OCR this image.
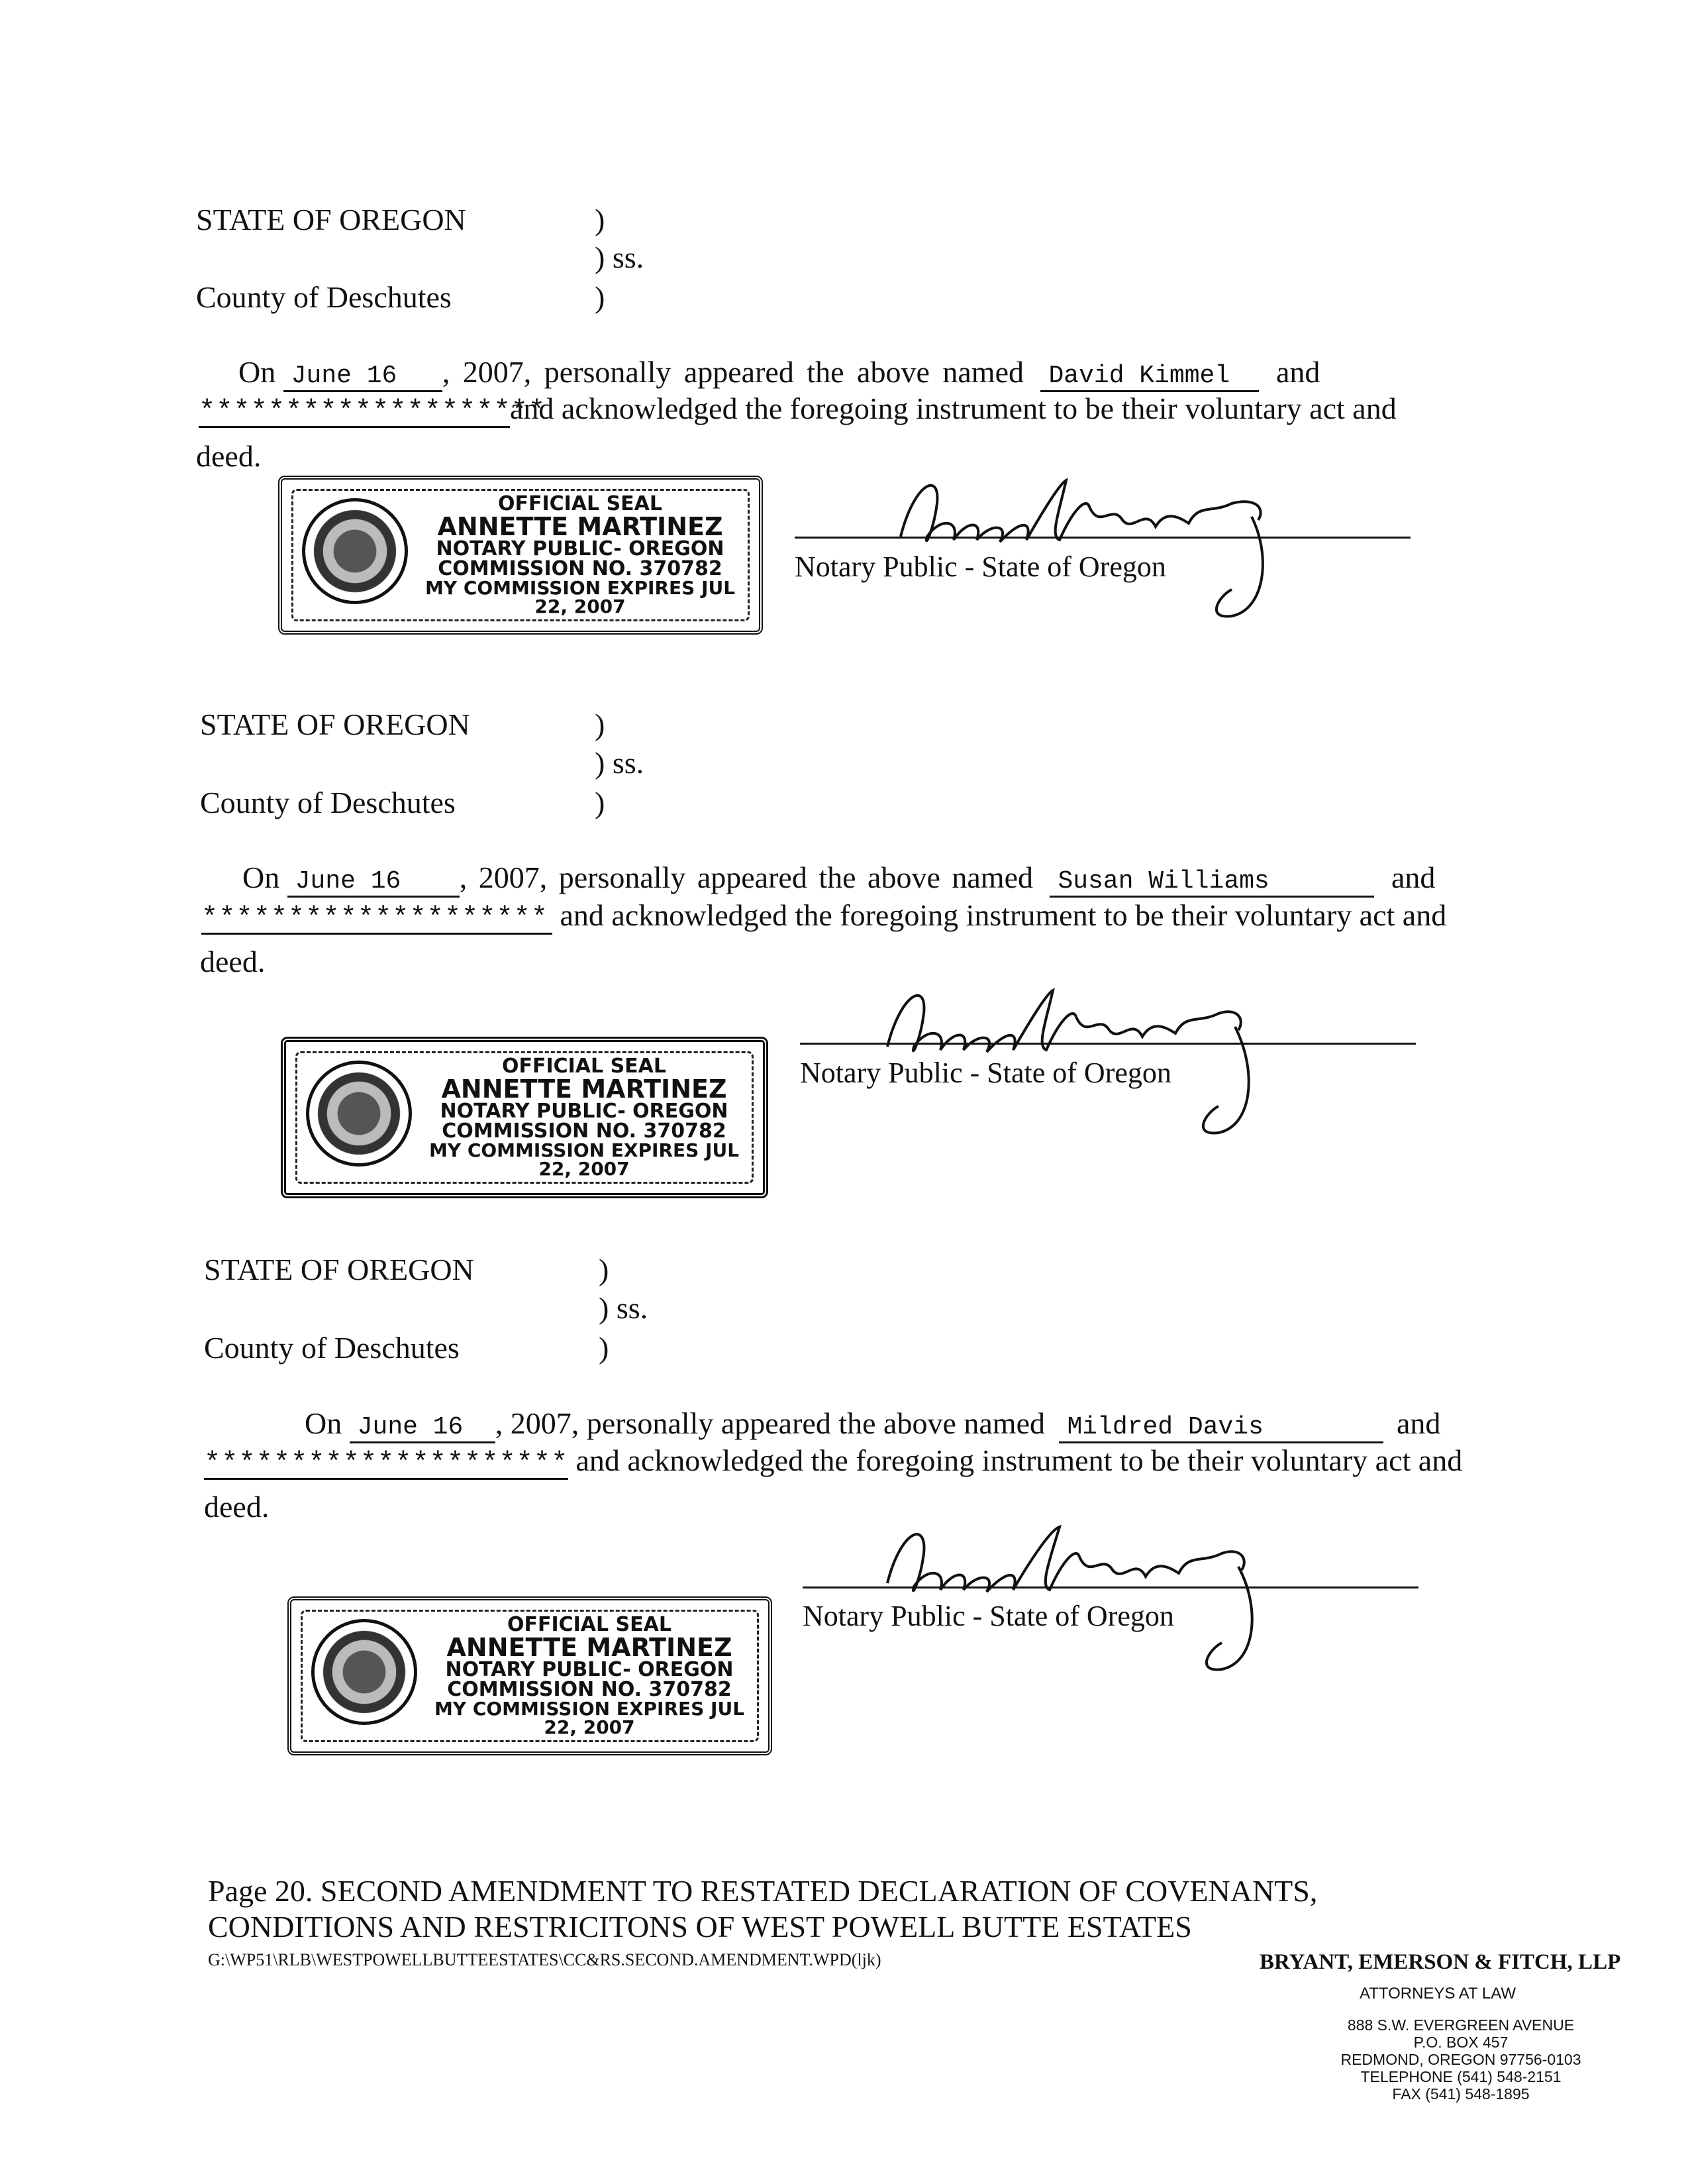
STATE OF OREGON	)
) ss.
County of Deschutes	)
On June 16 , 2007, personally appeared the above named David Kimmel and
********************and acknowledged the foregoing instrument to be their voluntary act and
deed.
OFFICIAL SEAL
ANNETTE MARTINEZ
NOTARY PUBLIC- OREGON
COMMISSION NO. 370782
MY COMMISSION EXPIRES JUL 22, 2007
Notary Public - State of Oregon
STATE OF OREGON	)
) ss.
County of Deschutes	)
On June 16 , 2007, personally appeared the above named Susan Williams	and
******************** and acknowledged the foregoing instrument to be their voluntary act and
deed.
OFFICIAL SEAL
ANNETTE MARTINEZ
NOTARY PUBLIC- OREGON
COMMISSION NO. 370782
MY COMMISSION EXPIRES JUL 22, 2007
Notary Public - State of Oregon
STATE OF OREGON	)
) ss.
County of Deschutes	)
On June 16 , 2007, personally appeared the above named Mildred Davis	and
********************* and acknowledged the foregoing instrument to be their voluntary act and
deed.
OFFICIAL SEAL
ANNETTE MARTINEZ
NOTARY PUBLIC- OREGON
COMMISSION NO. 370782
MY COMMISSION EXPIRES JUL 22, 2007
Notary Public - State of Oregon
Page 20. SECOND AMENDMENT TO RESTATED DECLARATION OF COVENANTS,
CONDITIONS AND RESTRICITONS OF WEST POWELL BUTTE ESTATES
G:\WP51\RLB\WESTPOWELLBUTTEESTATES\CC&RS.SECOND.AMENDMENT.WPD(ljk)	BRYANT, EMERSON & FITCH, LLP
ATTORNEYS AT LAW
888 S.W. EVERGREEN AVENUE
P.O. BOX 457
REDMOND, OREGON 97756-0103
TELEPHONE (541) 548-2151
FAX (541) 548-1895
